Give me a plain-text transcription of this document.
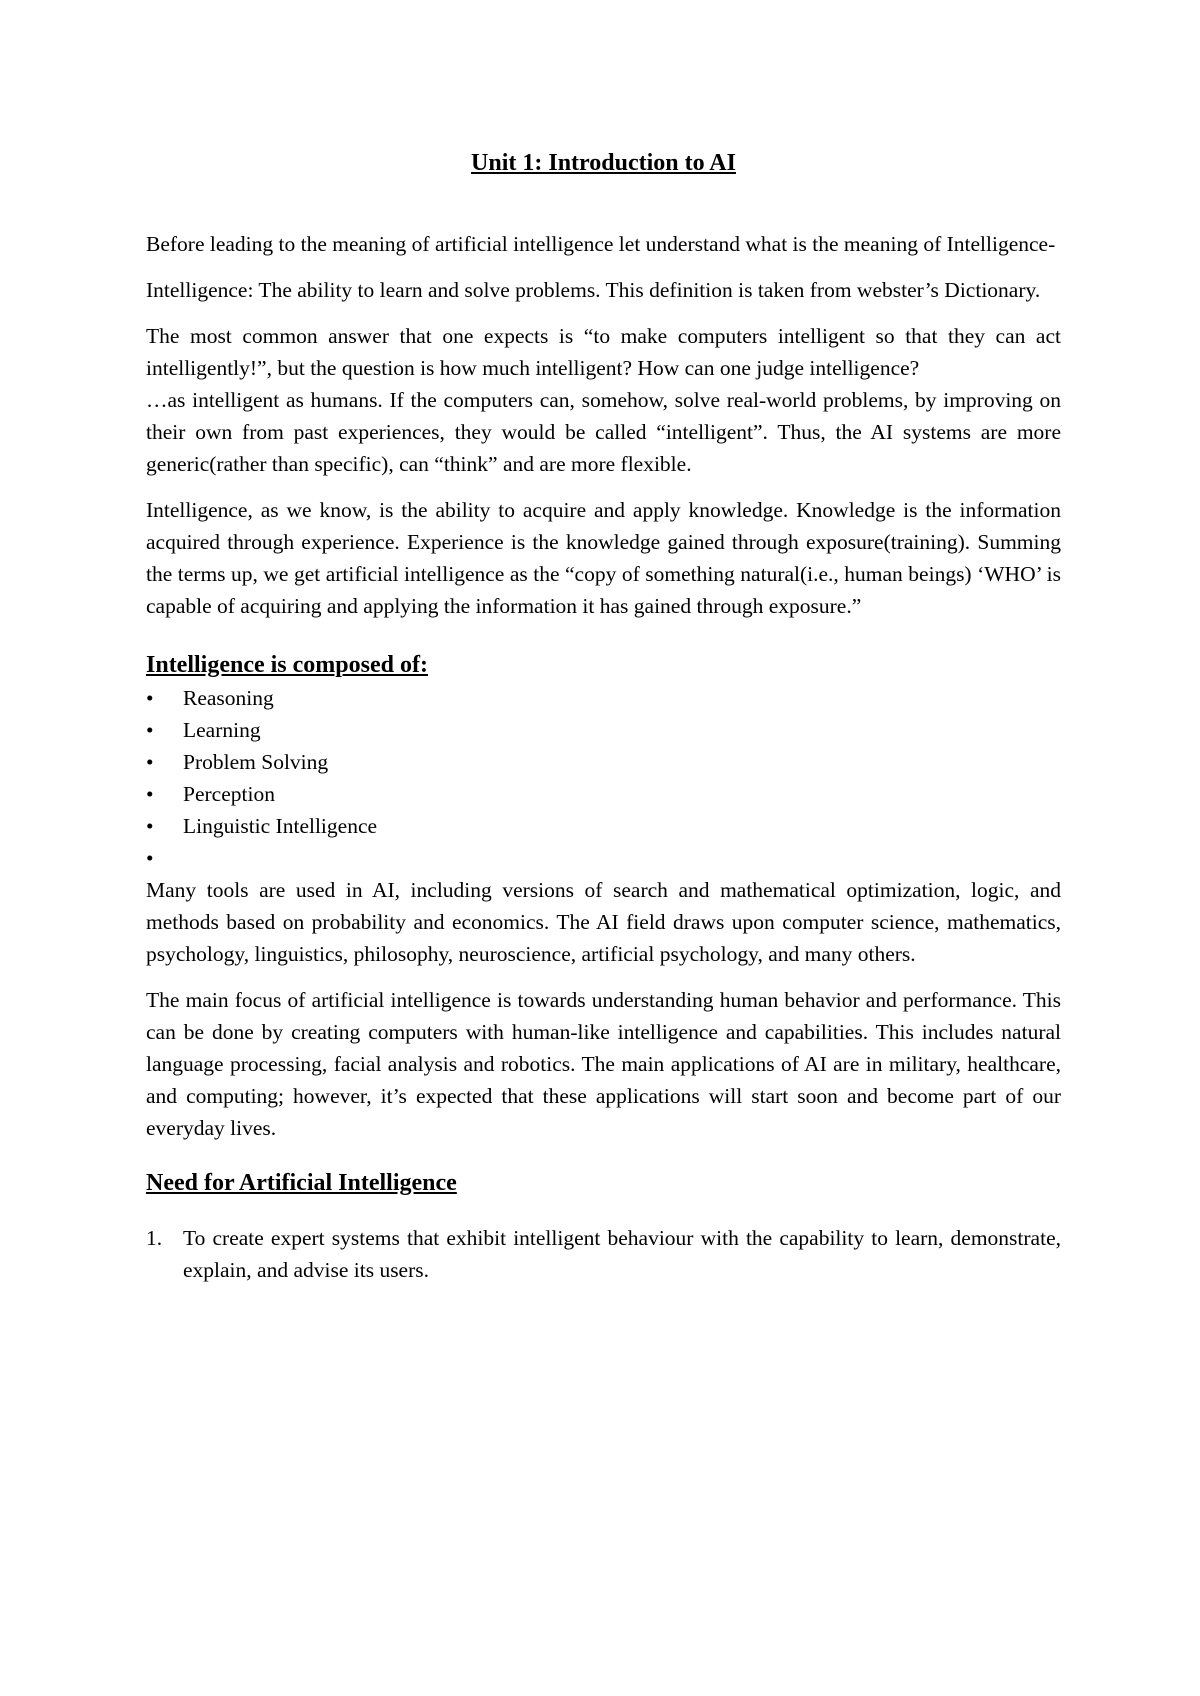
Unit 1: Introduction to AI

Before leading to the meaning of artificial intelligence let understand what is the meaning of Intelligence-

Intelligence: The ability to learn and solve problems. This definition is taken from webster’s Dictionary.

The most common answer that one expects is “to make computers intelligent so that they can act intelligently!”, but the question is how much intelligent? How can one judge intelligence?

…as intelligent as humans. If the computers can, somehow, solve real-world problems, by improving on their own from past experiences, they would be called “intelligent”. Thus, the AI systems are more generic(rather than specific), can “think” and are more flexible.

Intelligence, as we know, is the ability to acquire and apply knowledge. Knowledge is the information acquired through experience. Experience is the knowledge gained through exposure(training). Summing the terms up, we get artificial intelligence as the “copy of something natural(i.e., human beings) ‘WHO’ is capable of acquiring and applying the information it has gained through exposure.”

Intelligence is composed of:
• Reasoning
• Learning
• Problem Solving
• Perception
• Linguistic Intelligence
•

Many tools are used in AI, including versions of search and mathematical optimization, logic, and methods based on probability and economics. The AI field draws upon computer science, mathematics, psychology, linguistics, philosophy, neuroscience, artificial psychology, and many others.

The main focus of artificial intelligence is towards understanding human behavior and performance. This can be done by creating computers with human-like intelligence and capabilities. This includes natural language processing, facial analysis and robotics. The main applications of AI are in military, healthcare, and computing; however, it’s expected that these applications will start soon and become part of our everyday lives.

Need for Artificial Intelligence
1. To create expert systems that exhibit intelligent behaviour with the capability to learn, demonstrate, explain, and advise its users.
